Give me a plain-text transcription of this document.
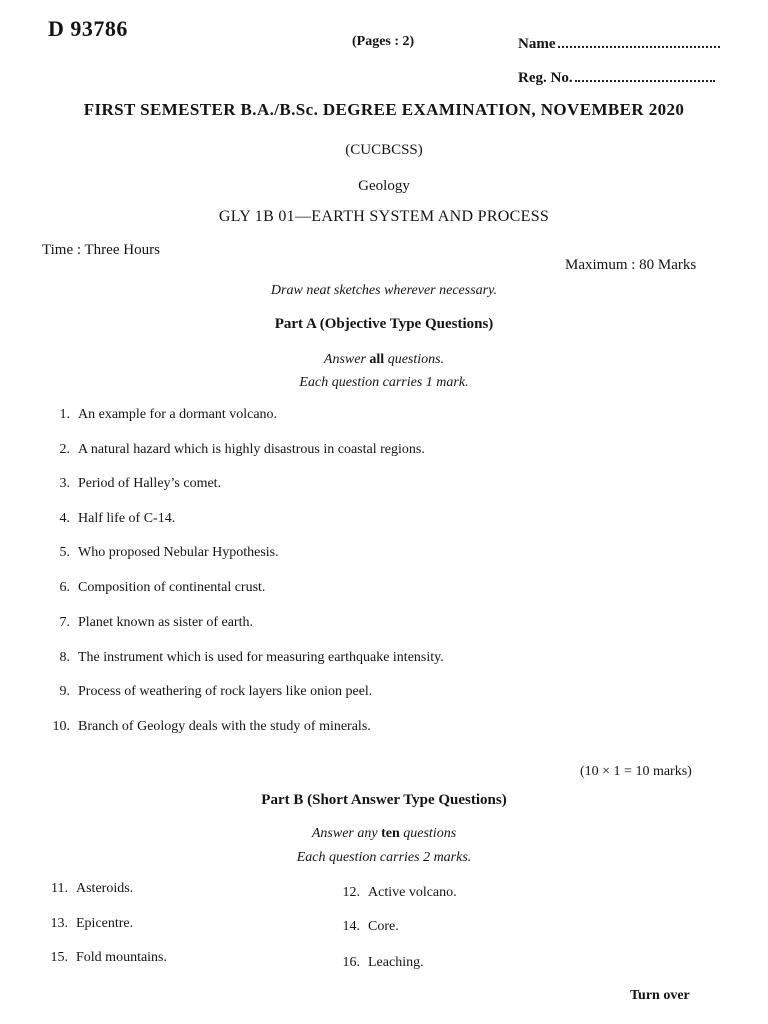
D 93786
(Pages : 2)	Name
Reg. No.
FIRST SEMESTER B.A./B.Sc. DEGREE EXAMINATION, NOVEMBER 2020
(CUCBCSS)
Geology
GLY 1B 01—EARTH SYSTEM AND PROCESS
Time : Three Hours
Maximum : 80 Marks
Draw neat sketches wherever necessary.
Part A (Objective Type Questions)
Answer all questions.
Each question carries 1 mark.
1. An example for a dormant volcano.
2. A natural hazard which is highly disastrous in coastal regions.
3. Period of Halley’s comet.
4. Half life of C-14.
5. Who proposed Nebular Hypothesis.
6. Composition of continental crust.
7. Planet known as sister of earth.
8. The instrument which is used for measuring earthquake intensity.
9. Process of weathering of rock layers like onion peel.
10. Branch of Geology deals with the study of minerals.
(10 × 1 = 10 marks)
Part B (Short Answer Type Questions)
Answer any ten questions
Each question carries 2 marks.
11. Asteroids.	12. Active volcano.
13. Epicentre.	14. Core.
15. Fold mountains.	16. Leaching.
Turn over
